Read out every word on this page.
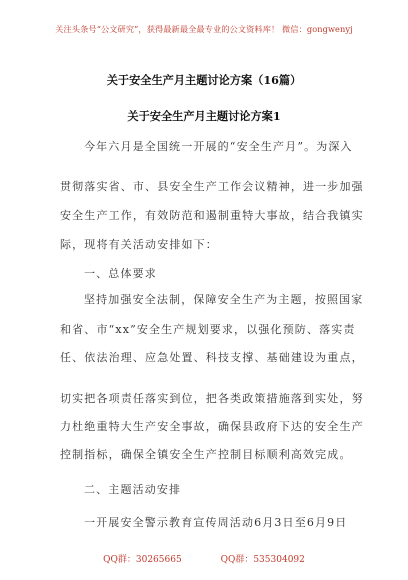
关注头条号“公文研究”，获得最新最全最专业的公文资料库！ 微信：gongwenyj
关于安全生产月主题讨论方案（16篇）
关于安全生产月主题讨论方案1
今年六月是全国统一开展的“安全生产月”。为深入
贯彻落实省、市、县安全生产工作会议精神，进一步加强
安全生产工作，有效防范和遏制重特大事故，结合我镇实
际，现将有关活动安排如下：
一、总体要求
坚持加强安全法制，保障安全生产为主题，按照国家
和省、市“xx”安全生产规划要求，以强化预防、落实责
任、依法治理、应急处置、科技支撑、基础建设为重点，
切实把各项责任落实到位，把各类政策措施落到实处，努
力杜绝重特大生产安全事故，确保县政府下达的安全生产
控制指标，确保全镇安全生产控制目标顺利高效完成。
二、主题活动安排
一开展安全警示教育宣传周活动6月3日至6月9日
QQ群：30265665	QQ群：535304092
